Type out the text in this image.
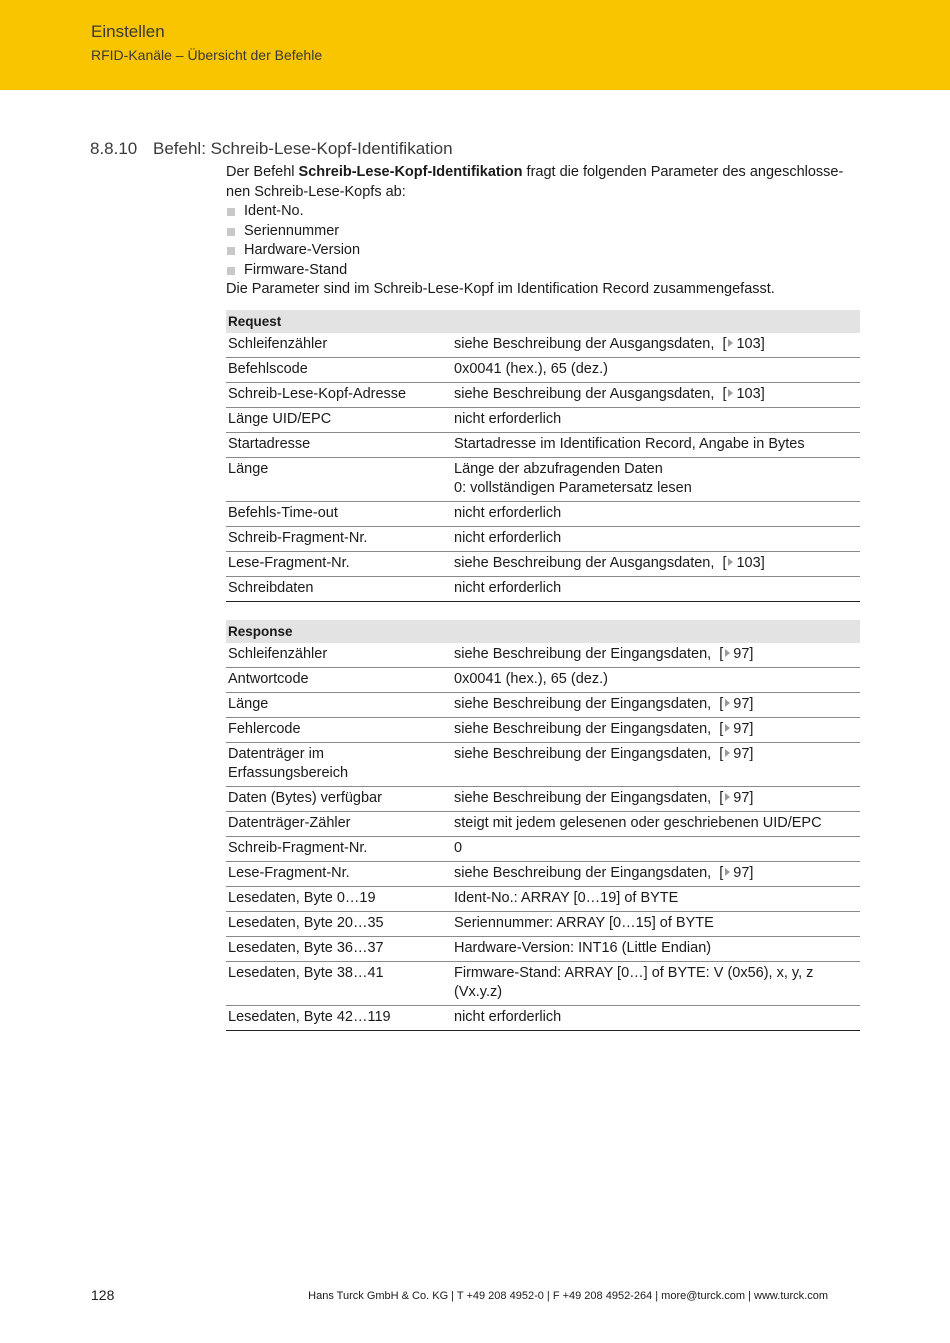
Einstellen
RFID-Kanäle – Übersicht der Befehle
8.8.10 Befehl: Schreib-Lese-Kopf-Identifikation

Der Befehl Schreib-Lese-Kopf-Identifikation fragt die folgenden Parameter des angeschlosse-
nen Schreib-Lese-Kopfs ab:

Ident-No.
Seriennummer
Hardware-Version
Firmware-Stand

Die Parameter sind im Schreib-Lese-Kopf im Identification Record zusammengefasst.

Request	
Schleifenzähler	siehe Beschreibung der Ausgangsdaten,  [ 103]
Befehlscode	0x0041 (hex.), 65 (dez.)
Schreib-Lese-Kopf-Adresse	siehe Beschreibung der Ausgangsdaten,  [ 103]
Länge UID/EPC	nicht erforderlich
Startadresse	Startadresse im Identification Record, Angabe in Bytes
Länge	Länge der abzufragenden Daten
0: vollständigen Parametersatz lesen
Befehls-Time-out	nicht erforderlich
Schreib-Fragment-Nr.	nicht erforderlich
Lese-Fragment-Nr.	siehe Beschreibung der Ausgangsdaten,  [ 103]
Schreibdaten	nicht erforderlich
Response	
Schleifenzähler	siehe Beschreibung der Eingangsdaten,  [ 97]
Antwortcode	0x0041 (hex.), 65 (dez.)
Länge	siehe Beschreibung der Eingangsdaten,  [ 97]
Fehlercode	siehe Beschreibung der Eingangsdaten,  [ 97]
Datenträger im
Erfassungsbereich	siehe Beschreibung der Eingangsdaten,  [ 97]
Daten (Bytes) verfügbar	siehe Beschreibung der Eingangsdaten,  [ 97]
Datenträger-Zähler	steigt mit jedem gelesenen oder geschriebenen UID/EPC
Schreib-Fragment-Nr.	0
Lese-Fragment-Nr.	siehe Beschreibung der Eingangsdaten,  [ 97]
Lesedaten, Byte 0…19	Ident-No.: ARRAY [0…19] of BYTE
Lesedaten, Byte 20…35	Seriennummer: ARRAY [0…15] of BYTE
Lesedaten, Byte 36…37	Hardware-Version: INT16 (Little Endian)
Lesedaten, Byte 38…41	Firmware-Stand: ARRAY [0…] of BYTE: V (0x56), x, y, z (Vx.y.z)
Lesedaten, Byte 42…119	nicht erforderlich
128	Hans Turck GmbH & Co. KG | T +49 208 4952-0 | F +49 208 4952-264 | more@turck.com | www.turck.com
